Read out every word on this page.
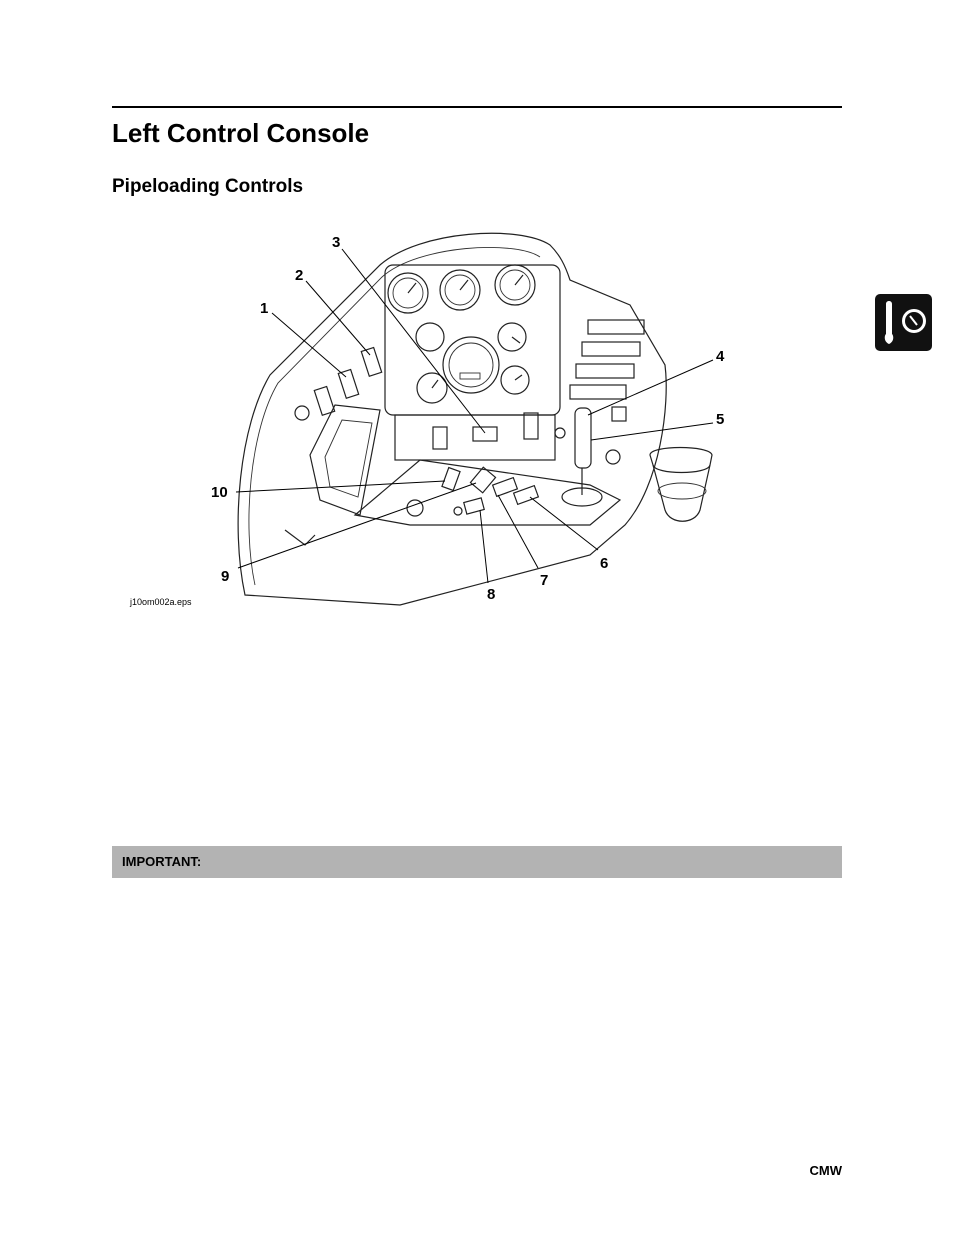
Left Control Console
Pipeloading Controls
1
2
3
4
5
6
7
8
9
10
j10om002a.eps
IMPORTANT:
CMW
